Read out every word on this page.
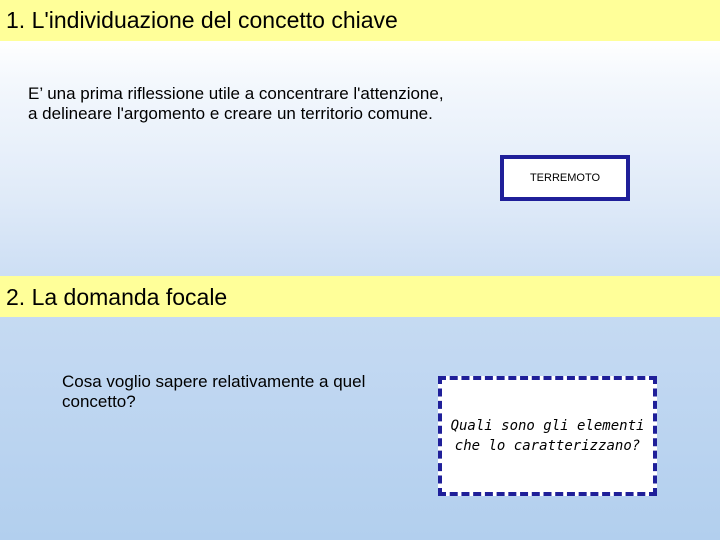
1. L'individuazione del concetto chiave

E’ una prima riflessione utile a concentrare l'attenzione, a delineare l'argomento e creare un territorio comune.

TERREMOTO
2. La domanda focale

Cosa voglio sapere relativamente a quel concetto?

Quali sono gli elementi che lo caratterizzano?
